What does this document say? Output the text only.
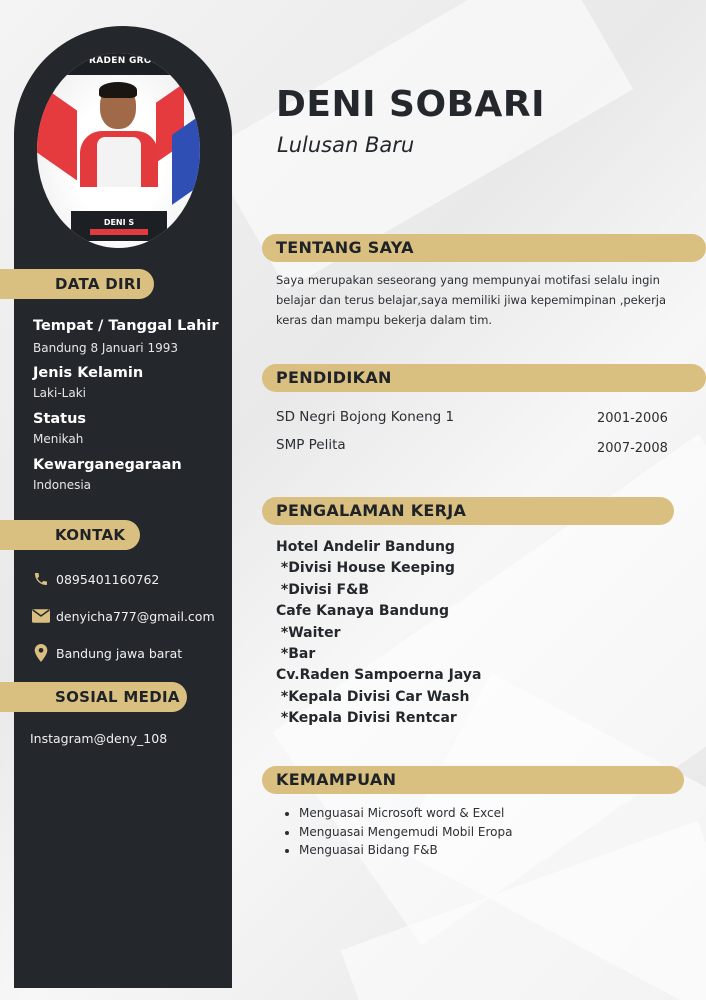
RADEN GROU
DENI S
DATA DIRI
Tempat / Tanggal Lahir
Bandung 8 Januari 1993
Jenis Kelamin
Laki-Laki
Status
Menikah
Kewarganegaraan
Indonesia
KONTAK
0895401160762
denyicha777@gmail.com
Bandung jawa barat
SOSIAL MEDIA
Instagram@deny_108
DENI SOBARI
Lulusan Baru
TENTANG SAYA
Saya merupakan seseorang yang mempunyai motifasi selalu ingin belajar dan terus belajar,saya memiliki jiwa kepemimpinan ,pekerja keras dan mampu bekerja dalam tim.
PENDIDIKAN
SD Negri Bojong Koneng 1	2001-2006
SMP Pelita	2007-2008
PENGALAMAN KERJA
Hotel Andelir Bandung
*Divisi House Keeping
*Divisi F&B
Cafe Kanaya Bandung
*Waiter
*Bar
Cv.Raden Sampoerna Jaya
*Kepala Divisi Car Wash
*Kepala Divisi Rentcar
KEMAMPUAN
• Menguasai Microsoft word & Excel
• Menguasai Mengemudi Mobil Eropa
• Menguasai Bidang F&B
